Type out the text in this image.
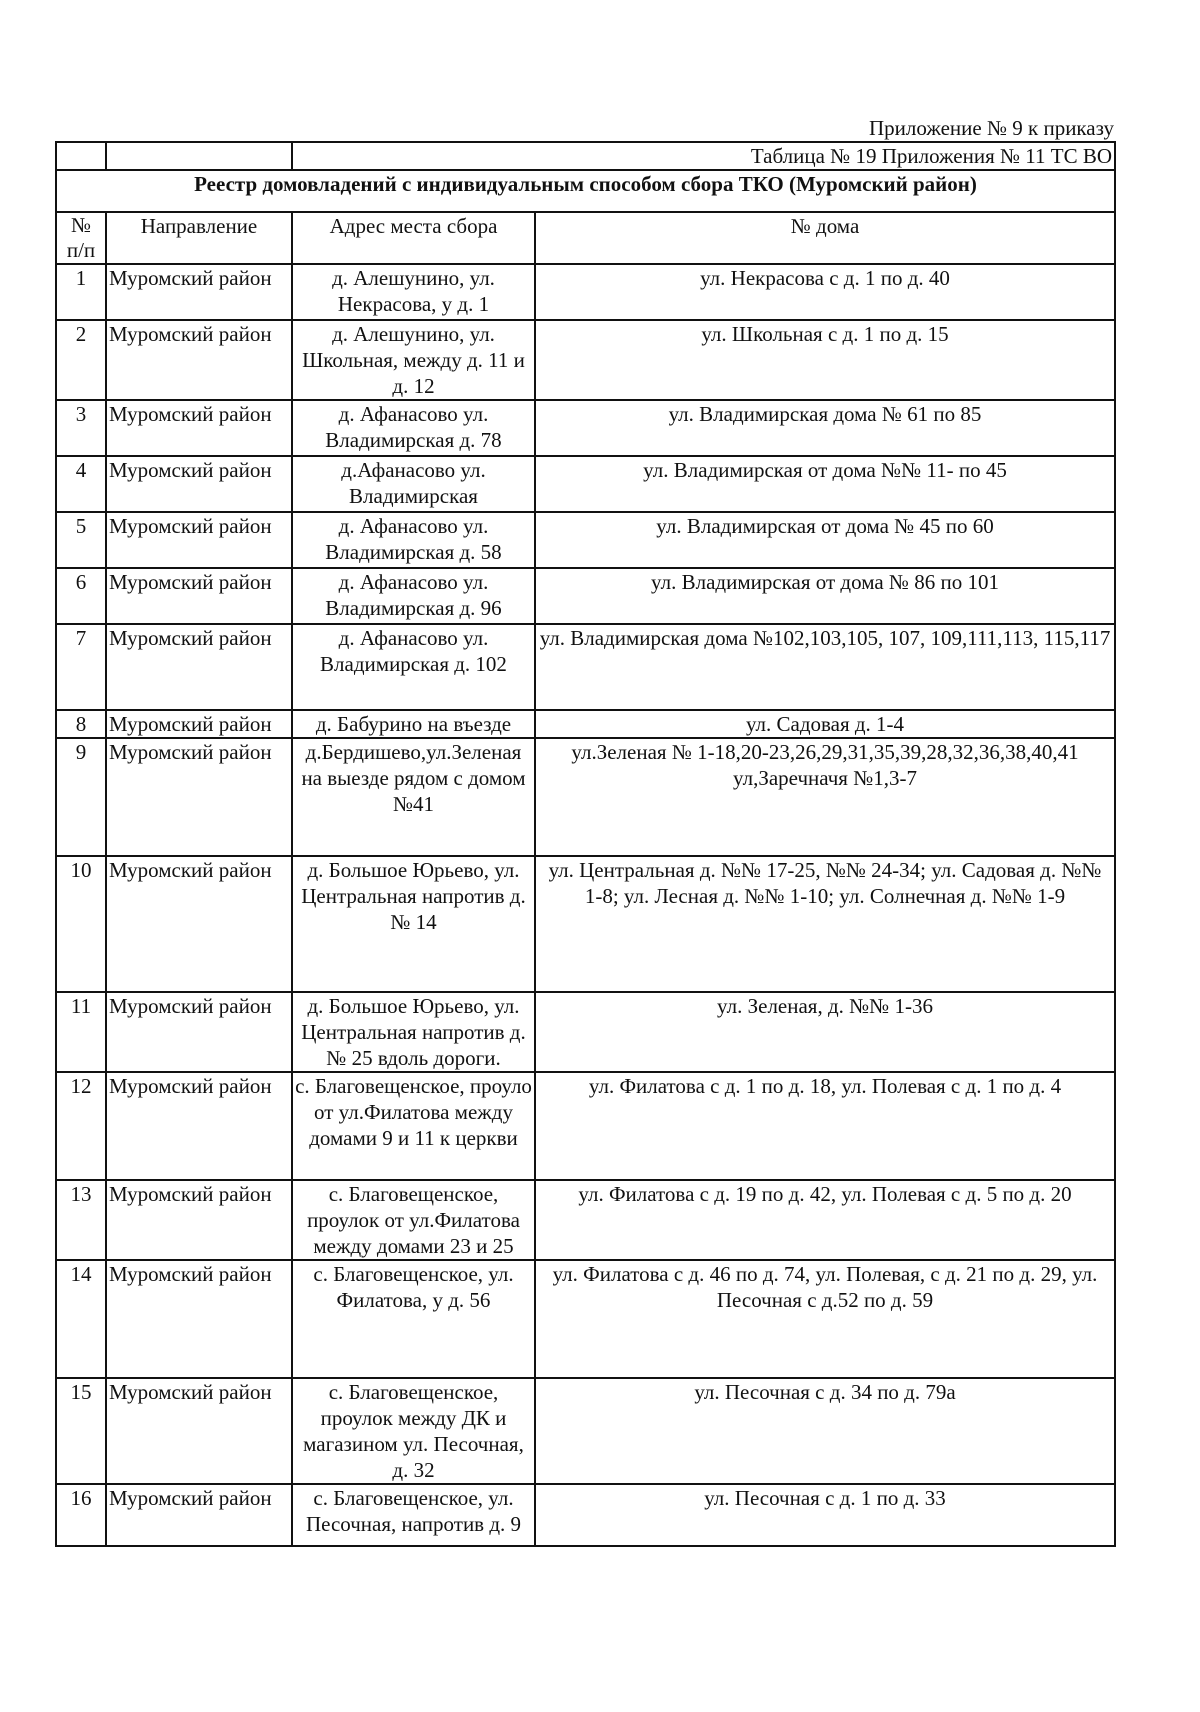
Приложение № 9 к приказу
		Таблица № 19 Приложения № 11 ТС ВО	
Реестр домовладений с индивидуальным способом сбора ТКО (Муромский район)			
№
п/п	Направление	Адрес места сбора	№ дома
1	Муромский район	д. Алешунино, ул. Некрасова, у д. 1	ул. Некрасова с д. 1 по д. 40
2	Муромский район	д. Алешунино, ул. Школьная, между д. 11 и д. 12	ул. Школьная с д. 1 по д. 15
3	Муромский район	д. Афанасово ул. Владимирская д. 78	ул. Владимирская дома № 61 по 85
4	Муромский район	д.Афанасово ул. Владимирская	ул. Владимирская от дома №№ 11- по 45
5	Муромский район	д. Афанасово ул. Владимирская д. 58	ул. Владимирская от дома № 45 по 60
6	Муромский район	д. Афанасово ул. Владимирская д. 96	ул. Владимирская от дома № 86 по 101
7	Муромский район	д. Афанасово ул. Владимирская д. 102	ул. Владимирская дома №102,103,105, 107, 109,111,113, 115,117
8	Муромский район	д. Бабурино на въезде	ул. Садовая д. 1-4
9	Муромский район	д.Бердишево,ул.Зеленая на выезде рядом с домом №41	ул.Зеленая № 1-18,20-23,26,29,31,35,39,28,32,36,38,40,41 ул,Заречначя №1,3-7
10	Муромский район	д. Большое Юрьево, ул. Центральная напротив д. № 14	ул. Центральная д. №№ 17-25, №№ 24-34; ул. Садовая д. №№ 1-8; ул. Лесная д. №№ 1-10; ул. Солнечная д. №№ 1-9
11	Муромский район	д. Большое Юрьево, ул. Центральная напротив д. № 25 вдоль дороги.	ул. Зеленая, д. №№ 1-36
12	Муромский район	с. Благовещенское, проуло от ул.Филатова между домами 9 и 11 к церкви	ул. Филатова с д. 1 по д. 18, ул. Полевая с д. 1 по д. 4
13	Муромский район	с. Благовещенское, проулок от ул.Филатова между домами 23 и 25	ул. Филатова с д. 19 по д. 42, ул. Полевая с д. 5 по д. 20
14	Муромский район	с. Благовещенское, ул. Филатова, у д. 56	ул. Филатова с д. 46 по д. 74, ул. Полевая, с д. 21 по д. 29, ул. Песочная с д.52 по д. 59
15	Муромский район	с. Благовещенское, проулок между ДК и магазином ул. Песочная, д. 32	ул. Песочная с д. 34 по д. 79а
16	Муромский район	с. Благовещенское, ул. Песочная, напротив д. 9	ул. Песочная с д. 1 по д. 33
